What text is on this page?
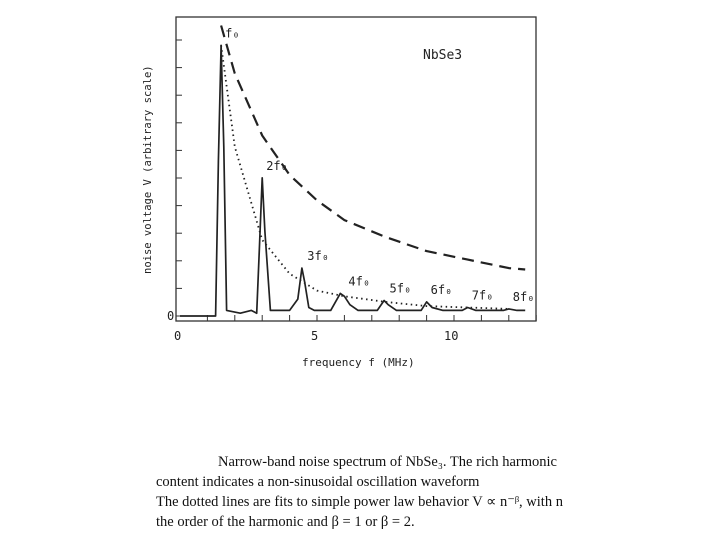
f₀
2f₀
3f₀
4f₀
5f₀ 6f₀ 7f₀ 8f₀
0
0	5	10
frequency f (MHz)
noise voltage V (arbitrary scale)
NbSe3
Narrow-band noise spectrum of NbSe₃. The rich harmonic
content indicates a non-sinusoidal oscillation waveform
The dotted lines are fits to simple power law behavior V ∝ n⁻ᵝ, with n
the order of the harmonic and β = 1 or β = 2.
